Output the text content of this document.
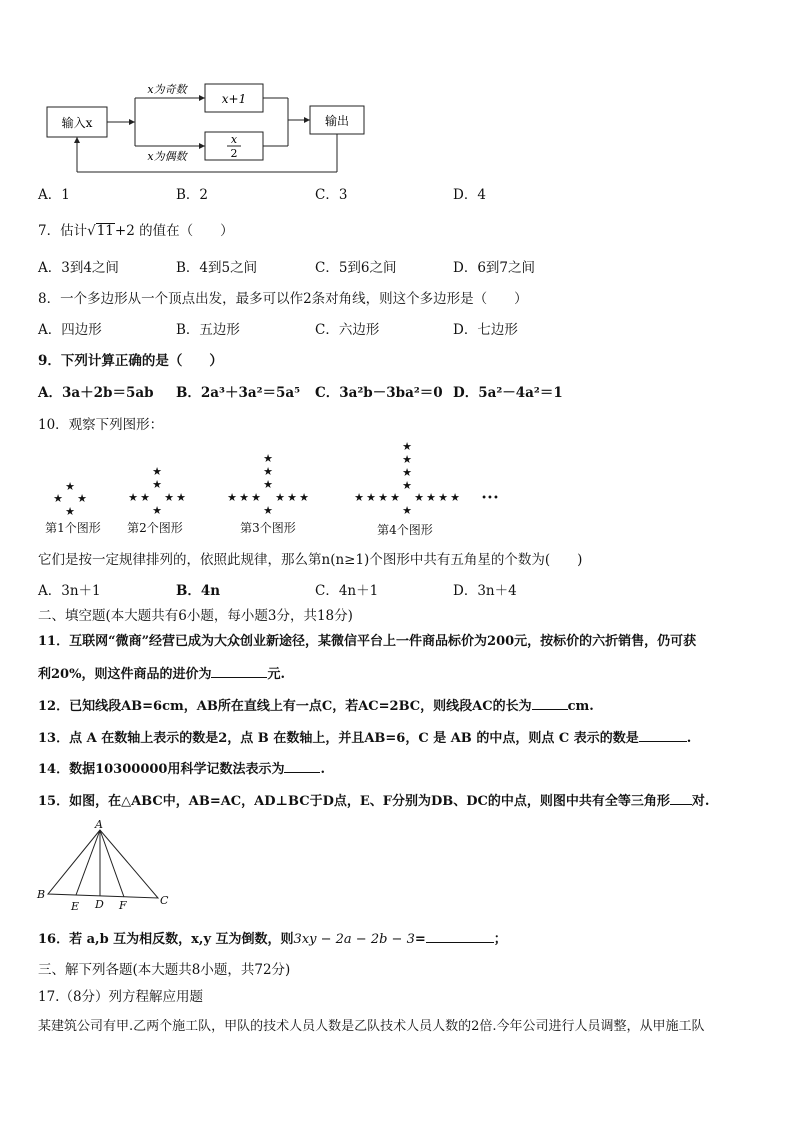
输入x
x为奇数
x+1
x
2
x为偶数
输出
A．1	B．2	C．3	D．4
7．估计√11+2 的值在（　　）
A．3到4之间	B．4到5之间	C．5到6之间	D．6到7之间
8．一个多边形从一个顶点出发，最多可以作2条对角线，则这个多边形是（　　）
A．四边形	B．五边形	C．六边形	D．七边形
9．下列计算正确的是（　　）
A．3a＋2b＝5ab B．2a³＋3a²＝5a⁵ C．3a²b－3ba²＝0 D．5a²－4a²＝1
10．观察下列图形：
★
★ ★
★
★
★
★ ★ ★ ★
★
★
★
★
★ ★ ★ ★ ★ ★
★
★
★
★
★
★ ★ ★ ★ ★ ★ ★ ★
★
•••
第1个图形 第2个图形	第3个图形	第4个图形
它们是按一定规律排列的，依照此规律，那么第n(n≥1)个图形中共有五角星的个数为(　　)
A．3n＋1	B．4n	C．4n＋1	D．3n＋4
二、填空题(本大题共有6小题，每小题3分，共18分)
11．互联网“微商”经营已成为大众创业新途径，某微信平台上一件商品标价为200元，按标价的六折销售，仍可获
利20%，则这件商品的进价为	元.
12．已知线段AB=6cm，AB所在直线上有一点C，若AC=2BC，则线段AC的长为	cm.
13．点 A 在数轴上表示的数是2，点 B 在数轴上，并且AB=6，C 是 AB 的中点，则点 C 表示的数是	.
14．数据10300000用科学记数法表示为	.
15．如图，在△ABC中，AB=AC，AD⊥BC于D点，E、F分别为DB、DC的中点，则图中共有全等三角形 对.
A
B
E D F	C
16．若 a,b 互为相反数，x,y 互为倒数，则3xy − 2a − 2b − 3=	；
三、解下列各题(本大题共8小题，共72分)
17.（8分）列方程解应用题
某建筑公司有甲.乙两个施工队，甲队的技术人员人数是乙队技术人员人数的2倍.今年公司进行人员调整，从甲施工队
